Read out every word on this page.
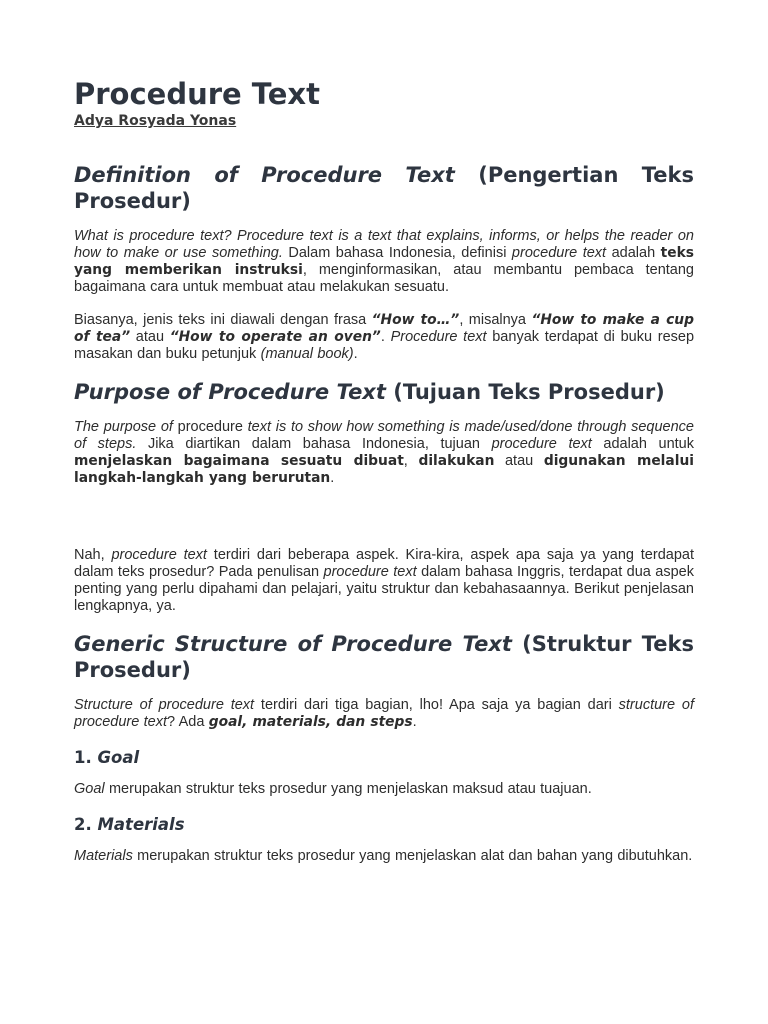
Procedure Text
Adya Rosyada Yonas
Definition of Procedure Text (Pengertian Teks Prosedur)

What is procedure text? Procedure text is a text that explains, informs, or helps the reader on how to make or use something. Dalam bahasa Indonesia, definisi procedure text adalah teks yang memberikan instruksi, menginformasikan, atau membantu pembaca tentang bagaimana cara untuk membuat atau melakukan sesuatu.

Biasanya, jenis teks ini diawali dengan frasa “How to…”, misalnya “How to make a cup of tea” atau “How to operate an oven”. Procedure text banyak terdapat di buku resep masakan dan buku petunjuk (manual book).

Purpose of Procedure Text (Tujuan Teks Prosedur)

The purpose of procedure text is to show how something is made/used/done through sequence of steps. Jika diartikan dalam bahasa Indonesia, tujuan procedure text adalah untuk menjelaskan bagaimana sesuatu dibuat, dilakukan atau digunakan melalui langkah-langkah yang berurutan.

Nah, procedure text terdiri dari beberapa aspek. Kira-kira, aspek apa saja ya yang terdapat dalam teks prosedur? Pada penulisan procedure text dalam bahasa Inggris, terdapat dua aspek penting yang perlu dipahami dan pelajari, yaitu struktur dan kebahasaannya. Berikut penjelasan lengkapnya, ya.

Generic Structure of Procedure Text (Struktur Teks Prosedur)

Structure of procedure text terdiri dari tiga bagian, lho! Apa saja ya bagian dari structure of procedure text? Ada goal, materials, dan steps.

1. Goal

Goal merupakan struktur teks prosedur yang menjelaskan maksud atau tuajuan.

2. Materials

Materials merupakan struktur teks prosedur yang menjelaskan alat dan bahan yang dibutuhkan.
